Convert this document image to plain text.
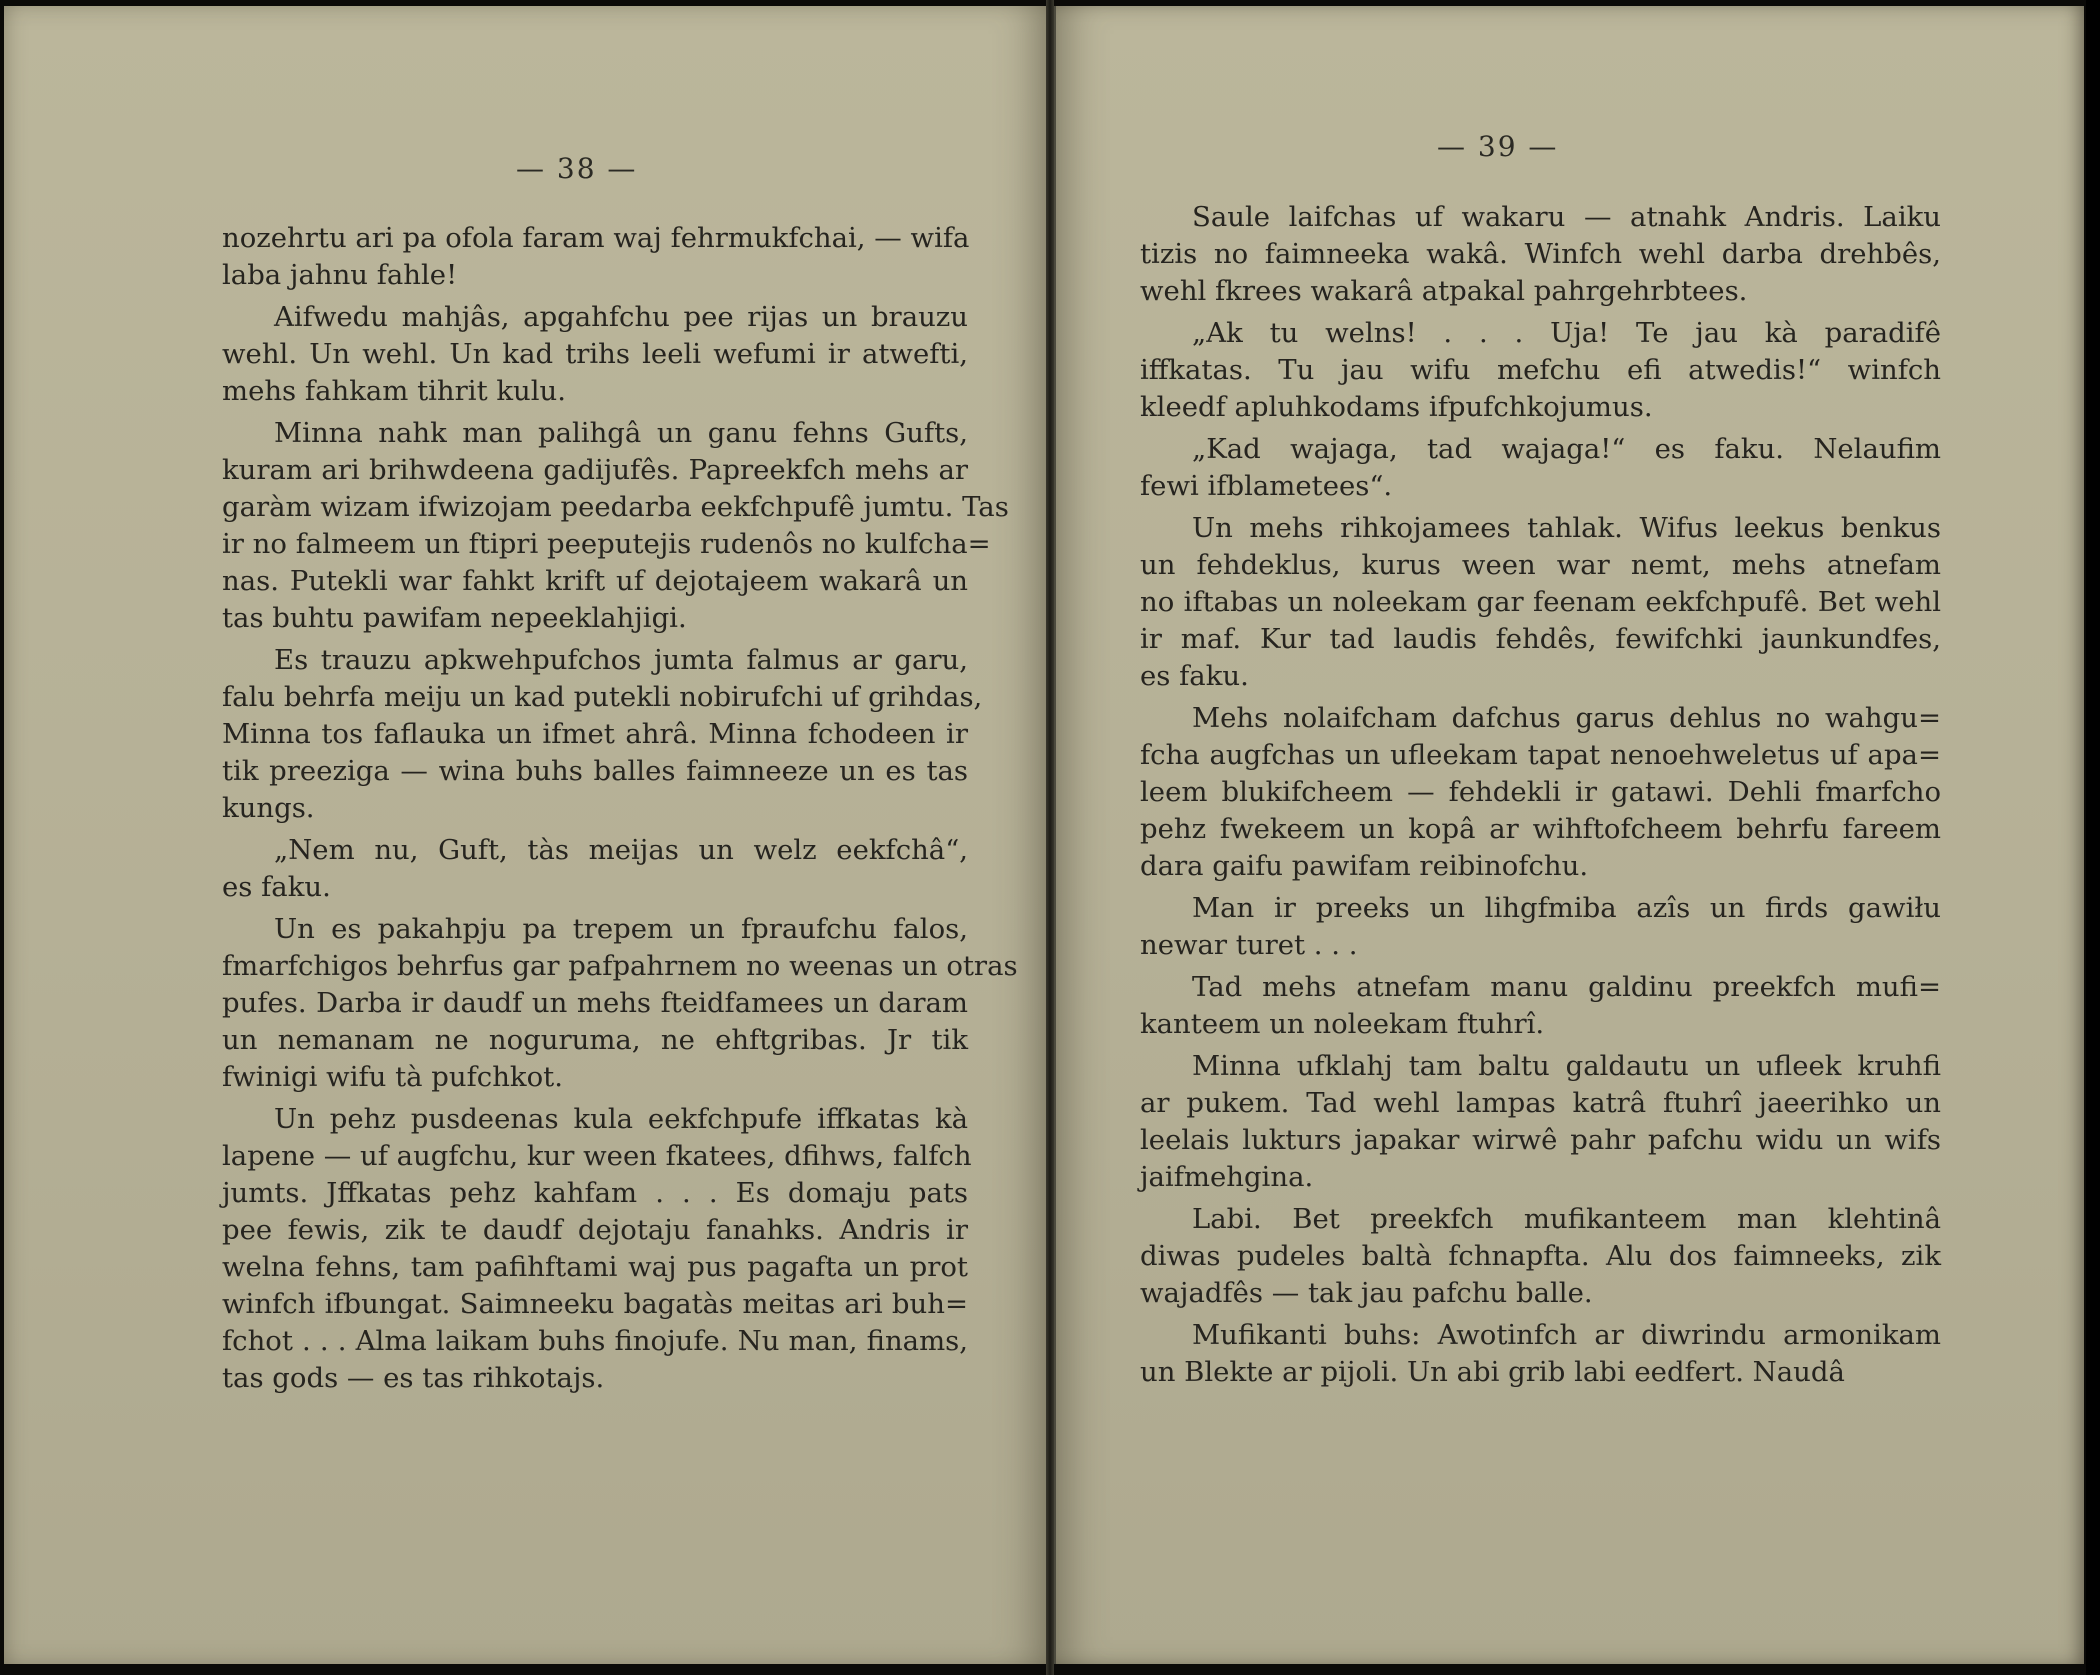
— 38 —
nozehrtu ari pa ofola faram waj fehrmukfchai, — wifa
laba jahnu fahle!
Aifwedu mahjâs, apgahfchu pee rijas un brauzu
wehl. Un wehl. Un kad trihs leeli wefumi ir atwefti,
mehs fahkam tihrit kulu.
Minna nahk man palihgâ un ganu fehns Gufts,
kuram ari brihwdeena gadijufês. Papreekfch mehs ar
garàm wizam ifwizojam peedarba eekfchpufê jumtu. Tas
ir no falmeem un ftipri peeputejis rudenôs no kulfcha=
nas. Putekli war fahkt krift uf dejotajeem wakarâ un
tas buhtu pawifam nepeeklahjigi.
Es trauzu apkwehpufchos jumta falmus ar garu,
falu behrfa meiju un kad putekli nobirufchi uf grihdas,
Minna tos faflauka un ifmet ahrâ. Minna fchodeen ir
tik preeziga — wina buhs balles faimneeze un es tas
kungs.
„Nem nu, Guft, tàs meijas un welz eekfchâ“,
es faku.
Un es pakahpju pa trepem un fpraufchu falos,
fmarfchigos behrfus gar pafpahrnem no weenas un otras
pufes. Darba ir daudf un mehs fteidfamees un daram
un nemanam ne noguruma, ne ehftgribas. Jr tik
fwinigi wifu tà pufchkot.
Un pehz pusdeenas kula eekfchpufe iffkatas kà
lapene — uf augfchu, kur ween fkatees, dfihws, falfch
jumts. Jffkatas pehz kahfam . . . Es domaju pats
pee fewis, zik te daudf dejotaju fanahks. Andris ir
welna fehns, tam pafihftami waj pus pagafta un prot
winfch ifbungat. Saimneeku bagatàs meitas ari buh=
fchot . . . Alma laikam buhs finojufe. Nu man, finams,
tas gods — es tas rihkotajs.
— 39 —
Saule laifchas uf wakaru — atnahk Andris. Laiku
tizis no faimneeka wakâ. Winfch wehl darba drehbês,
wehl fkrees wakarâ atpakal pahrgehrbtees.
„Ak tu welns! . . . Uja! Te jau kà paradifê
iffkatas. Tu jau wifu mefchu efi atwedis!“ winfch
kleedf apluhkodams ifpufchkojumus.
„Kad wajaga, tad wajaga!“ es faku. Nelaufim
fewi ifblametees“.
Un mehs rihkojamees tahlak. Wifus leekus benkus
un fehdeklus, kurus ween war nemt, mehs atnefam
no iftabas un noleekam gar feenam eekfchpufê. Bet wehl
ir maf. Kur tad laudis fehdês, fewifchki jaunkundfes,
es faku.
Mehs nolaifcham dafchus garus dehlus no wahgu=
fcha augfchas un ufleekam tapat nenoehweletus uf apa=
leem blukifcheem — fehdekli ir gatawi. Dehli fmarfcho
pehz fwekeem un kopâ ar wihftofcheem behrfu fareem
dara gaifu pawifam reibinofchu.
Man ir preeks un lihgfmiba azîs un firds gawiłu
newar turet . . .
Tad mehs atnefam manu galdinu preekfch mufi=
kanteem un noleekam ftuhrî.
Minna ufklahj tam baltu galdautu un ufleek kruhfi
ar pukem. Tad wehl lampas katrâ ftuhrî jaeerihko un
leelais lukturs japakar wirwê pahr pafchu widu un wifs
jaifmehgina.
Labi. Bet preekfch mufikanteem man klehtinâ
diwas pudeles baltà fchnapfta. Alu dos faimneeks, zik
wajadfês — tak jau pafchu balle.
Mufikanti buhs: Awotinfch ar diwrindu armonikam
un Blekte ar pijoli. Un abi grib labi eedfert. Naudâ
